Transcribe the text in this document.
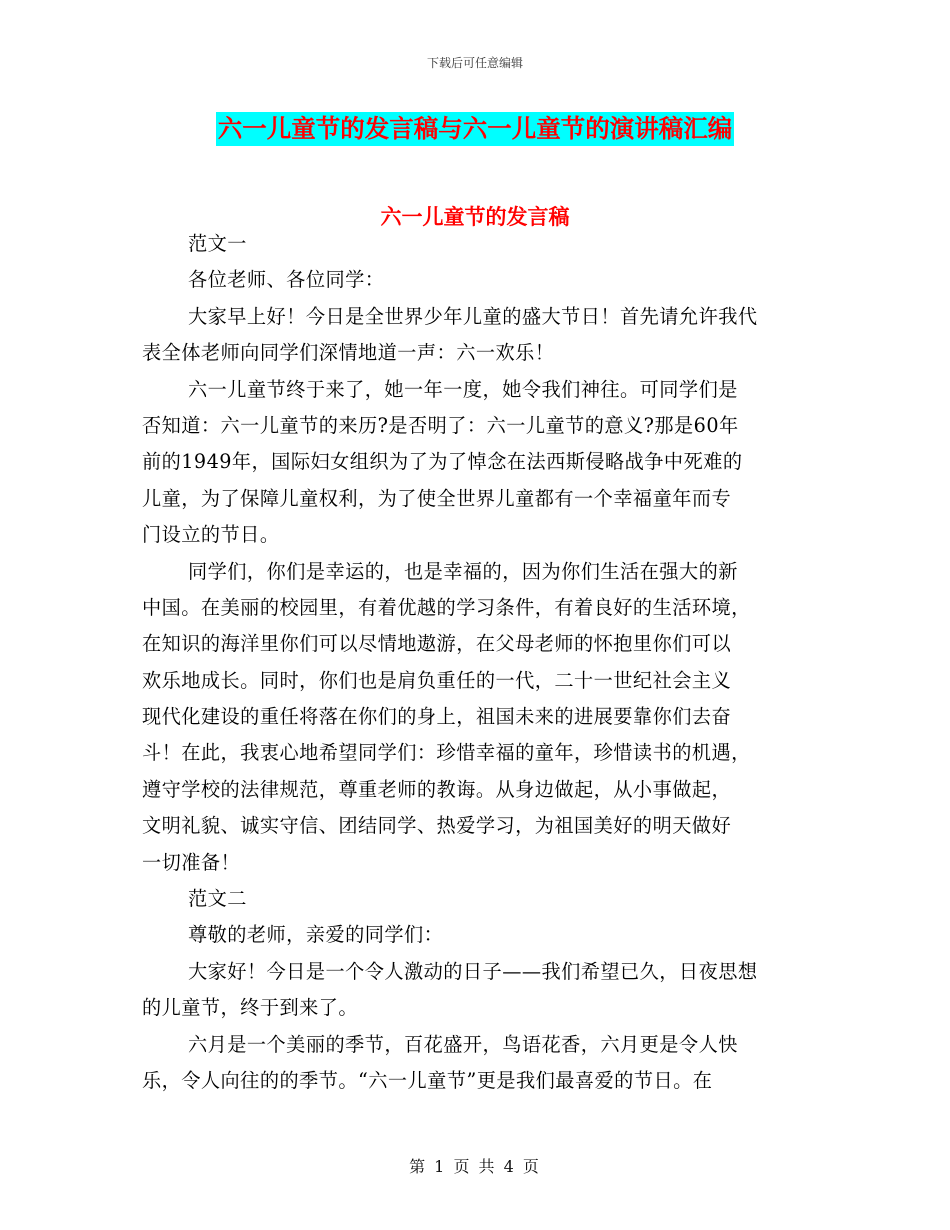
下载后可任意编辑
六一儿童节的发言稿与六一儿童节的演讲稿汇编
六一儿童节的发言稿
范文一
各位老师、各位同学：
大家早上好！今日是全世界少年儿童的盛大节日！首先请允许我代
表全体老师向同学们深情地道一声：六一欢乐！
六一儿童节终于来了，她一年一度，她令我们神往。可同学们是
否知道：六一儿童节的来历?是否明了：六一儿童节的意义?那是60年
前的1949年，国际妇女组织为了为了悼念在法西斯侵略战争中死难的
儿童，为了保障儿童权利，为了使全世界儿童都有一个幸福童年而专
门设立的节日。
同学们，你们是幸运的，也是幸福的，因为你们生活在强大的新
中国。在美丽的校园里，有着优越的学习条件，有着良好的生活环境，
在知识的海洋里你们可以尽情地遨游，在父母老师的怀抱里你们可以
欢乐地成长。同时，你们也是肩负重任的一代，二十一世纪社会主义
现代化建设的重任将落在你们的身上，祖国未来的进展要靠你们去奋
斗！在此，我衷心地希望同学们：珍惜幸福的童年，珍惜读书的机遇，
遵守学校的法律规范，尊重老师的教诲。从身边做起，从小事做起，
文明礼貌、诚实守信、团结同学、热爱学习，为祖国美好的明天做好
一切准备！
范文二
尊敬的老师，亲爱的同学们：
大家好！今日是一个令人激动的日子——我们希望已久，日夜思想
的儿童节，终于到来了。
六月是一个美丽的季节，百花盛开，鸟语花香，六月更是令人快
乐，令人向往的的季节。“六一儿童节”更是我们最喜爱的节日。在
第 1 页 共 4 页
